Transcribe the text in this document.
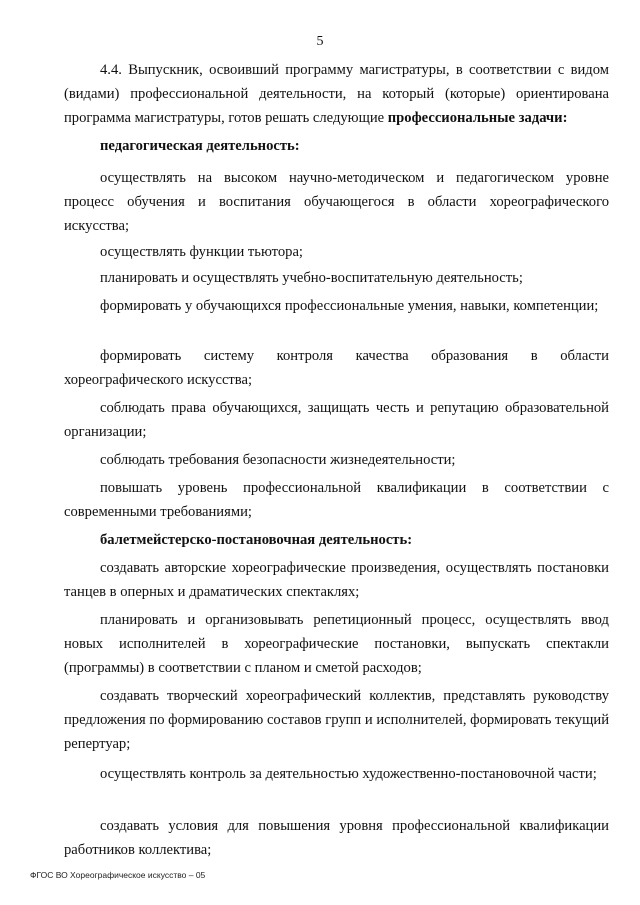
5

4.4. Выпускник, освоивший программу магистратуры, в соответствии с видом (видами) профессиональной деятельности, на который (которые) ориентирована программа магистратуры, готов решать следующие профессиональные задачи:

педагогическая деятельность:

осуществлять на высоком научно-методическом и педагогическом уровне процесс обучения и воспитания обучающегося в области хореографического искусства;

осуществлять функции тьютора;

планировать и осуществлять учебно-воспитательную деятельность;

формировать у обучающихся профессиональные умения, навыки, компетенции;

формировать систему контроля качества образования в области хореографического искусства;

соблюдать права обучающихся, защищать честь и репутацию образовательной организации;

соблюдать требования безопасности жизнедеятельности;

повышать уровень профессиональной квалификации в соответствии с современными требованиями;

балетмейстерско-постановочная деятельность:

создавать авторские хореографические произведения, осуществлять постановки танцев в оперных и драматических спектаклях;

планировать и организовывать репетиционный процесс, осуществлять ввод новых исполнителей в хореографические постановки, выпускать спектакли (программы) в соответствии с планом и сметой расходов;

создавать творческий хореографический коллектив, представлять руководству предложения по формированию составов групп и исполнителей, формировать текущий репертуар;

осуществлять контроль за деятельностью художественно-постановочной части;

создавать условия для повышения уровня профессиональной квалификации работников коллектива;

ФГОС ВО Хореографическое искусство – 05
